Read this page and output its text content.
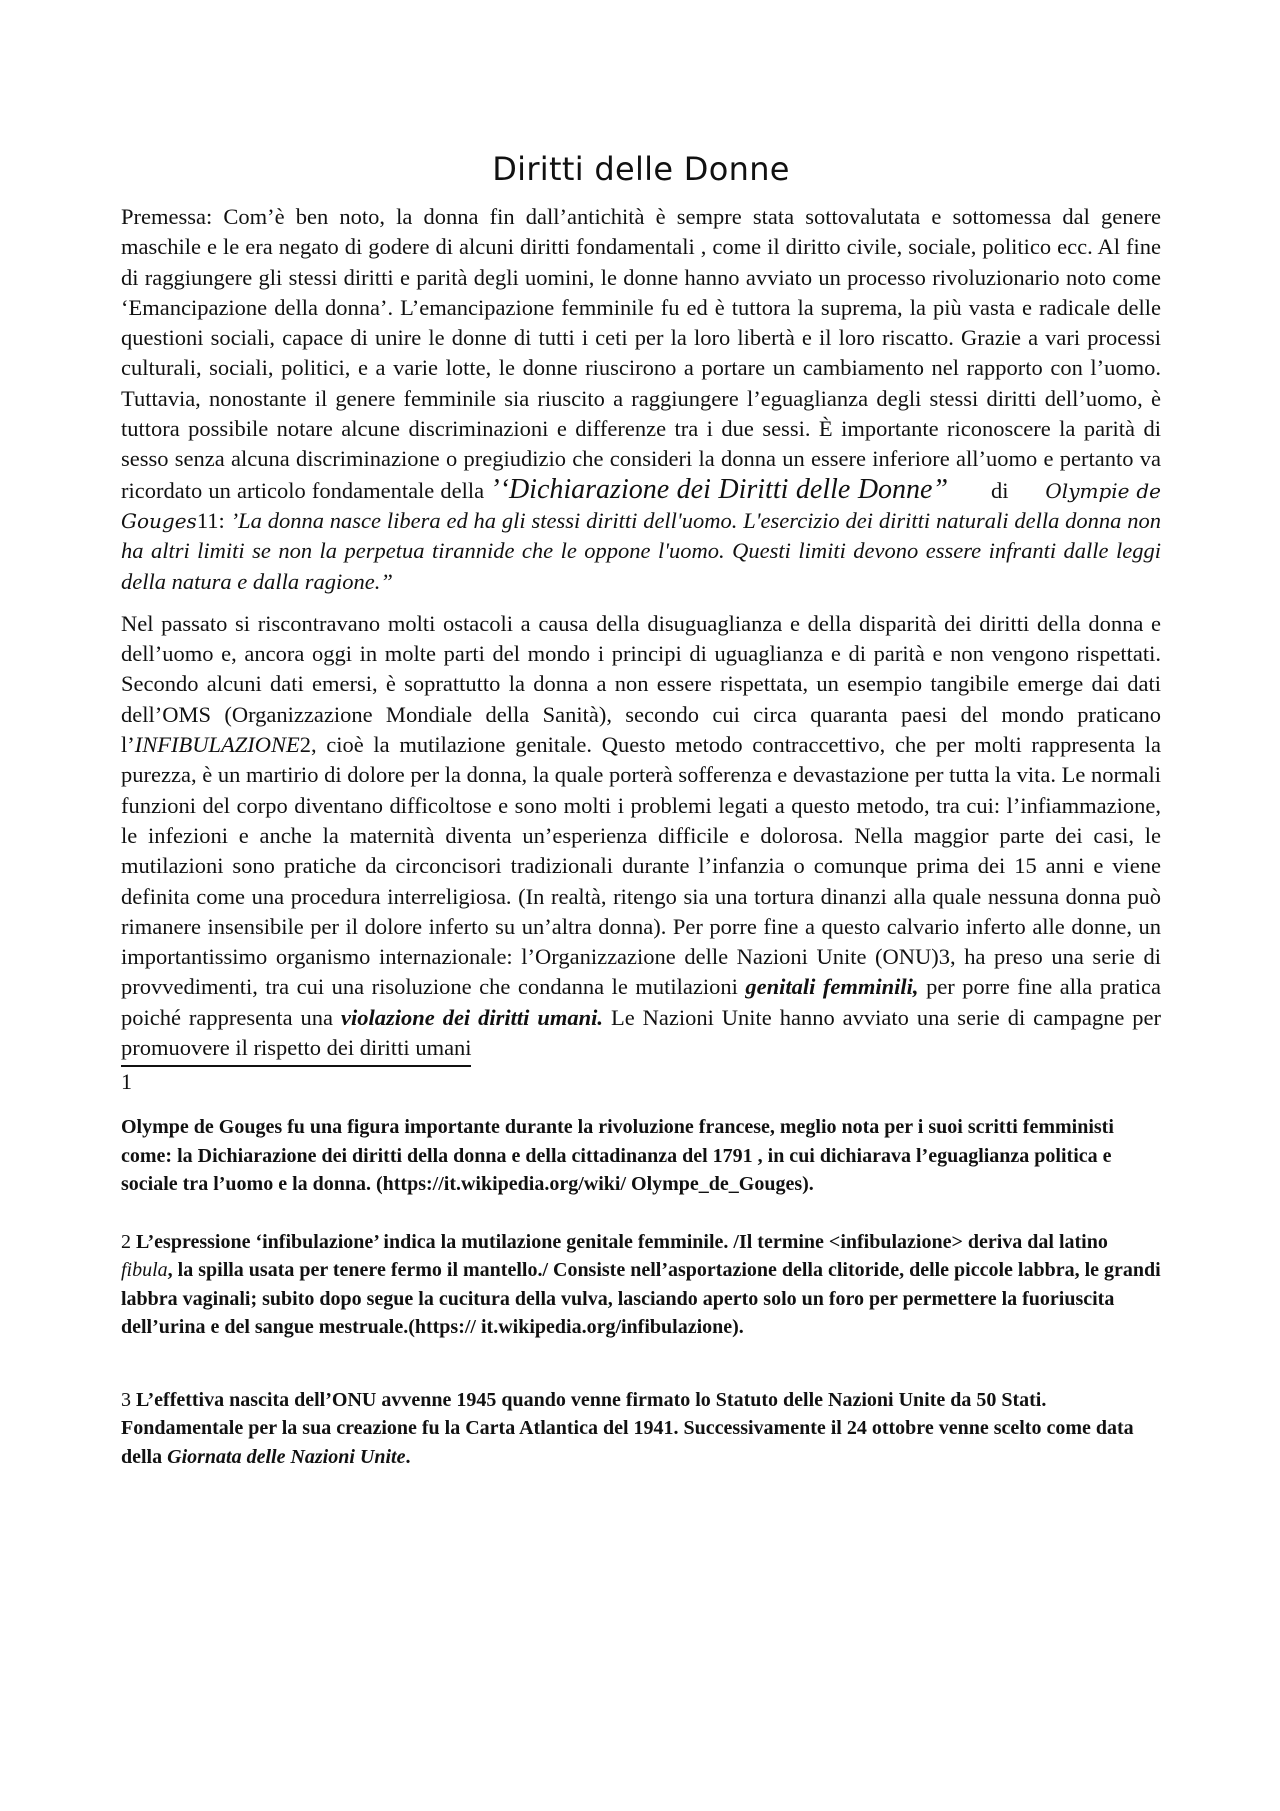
Diritti delle Donne

Premessa: Com’è ben noto, la donna fin dall’antichità è sempre stata sottovalutata e sottomessa dal genere maschile e le era negato di godere di alcuni diritti fondamentali , come il diritto civile, sociale, politico ecc. Al fine di raggiungere gli stessi diritti e parità degli uomini, le donne hanno avviato un processo rivoluzionario noto come ‘Emancipazione della donna’. L’emancipazione femminile fu ed è tuttora la suprema, la più vasta e radicale delle questioni sociali, capace di unire le donne di tutti i ceti per la loro libertà e il loro riscatto. Grazie a vari processi culturali, sociali, politici, e a varie lotte, le donne riuscirono a portare un cambiamento nel rapporto con l’uomo. Tuttavia, nonostante il genere femminile sia riuscito a raggiungere l’eguaglianza degli stessi diritti dell’uomo, è tuttora possibile notare alcune discriminazioni e differenze tra i due sessi. È importante riconoscere la parità di sesso senza alcuna discriminazione o pregiudizio che consideri la donna un essere inferiore all’uomo e pertanto va ricordato un articolo fondamentale della ’‘Dichiarazione dei Diritti delle Donne” di Olympie de Gouges11: ’La donna nasce libera ed ha gli stessi diritti dell'uomo. L'esercizio dei diritti naturali della donna non ha altri limiti se non la perpetua tirannide che le oppone l'uomo. Questi limiti devono essere infranti dalle leggi della natura e dalla ragione.”

Nel passato si riscontravano molti ostacoli a causa della disuguaglianza e della disparità dei diritti della donna e dell’uomo e, ancora oggi in molte parti del mondo i principi di uguaglianza e di parità e non vengono rispettati. Secondo alcuni dati emersi, è soprattutto la donna a non essere rispettata, un esempio tangibile emerge dai dati dell’OMS (Organizzazione Mondiale della Sanità), secondo cui circa quaranta paesi del mondo praticano l’INFIBULAZIONE2, cioè la mutilazione genitale. Questo metodo contraccettivo, che per molti rappresenta la purezza, è un martirio di dolore per la donna, la quale porterà sofferenza e devastazione per tutta la vita. Le normali funzioni del corpo diventano difficoltose e sono molti i problemi legati a questo metodo, tra cui: l’infiammazione, le infezioni e anche la maternità diventa un’esperienza difficile e dolorosa. Nella maggior parte dei casi, le mutilazioni sono pratiche da circoncisori tradizionali durante l’infanzia o comunque prima dei 15 anni e viene definita come una procedura interreligiosa. (In realtà, ritengo sia una tortura dinanzi alla quale nessuna donna può rimanere insensibile per il dolore inferto su un’altra donna). Per porre fine a questo calvario inferto alle donne, un importantissimo organismo internazionale: l’Organizzazione delle Nazioni Unite (ONU)3, ha preso una serie di provvedimenti, tra cui una risoluzione che condanna le mutilazioni genitali femminili, per porre fine alla pratica poiché rappresenta una violazione dei diritti umani. Le Nazioni Unite hanno avviato una serie di campagne per promuovere il rispetto dei diritti umani

1

Olympe de Gouges fu una figura importante durante la rivoluzione francese, meglio nota per i suoi scritti femministi come: la Dichiarazione dei diritti della donna e della cittadinanza del 1791 , in cui dichiarava l’eguaglianza politica e sociale tra l’uomo e la donna. (https://it.wikipedia.org/wiki/ Olympe_de_Gouges).

2 L’espressione ‘infibulazione’ indica la mutilazione genitale femminile. /Il termine <infibulazione> deriva dal latino fibula, la spilla usata per tenere fermo il mantello./ Consiste nell’asportazione della clitoride, delle piccole labbra, le grandi labbra vaginali; subito dopo segue la cucitura della vulva, lasciando aperto solo un foro per permettere la fuoriuscita dell’urina e del sangue mestruale.(https:// it.wikipedia.org/infibulazione).

3 L’effettiva nascita dell’ONU avvenne 1945 quando venne firmato lo Statuto delle Nazioni Unite da 50 Stati. Fondamentale per la sua creazione fu la Carta Atlantica del 1941. Successivamente il 24 ottobre venne scelto come data della Giornata delle Nazioni Unite.
